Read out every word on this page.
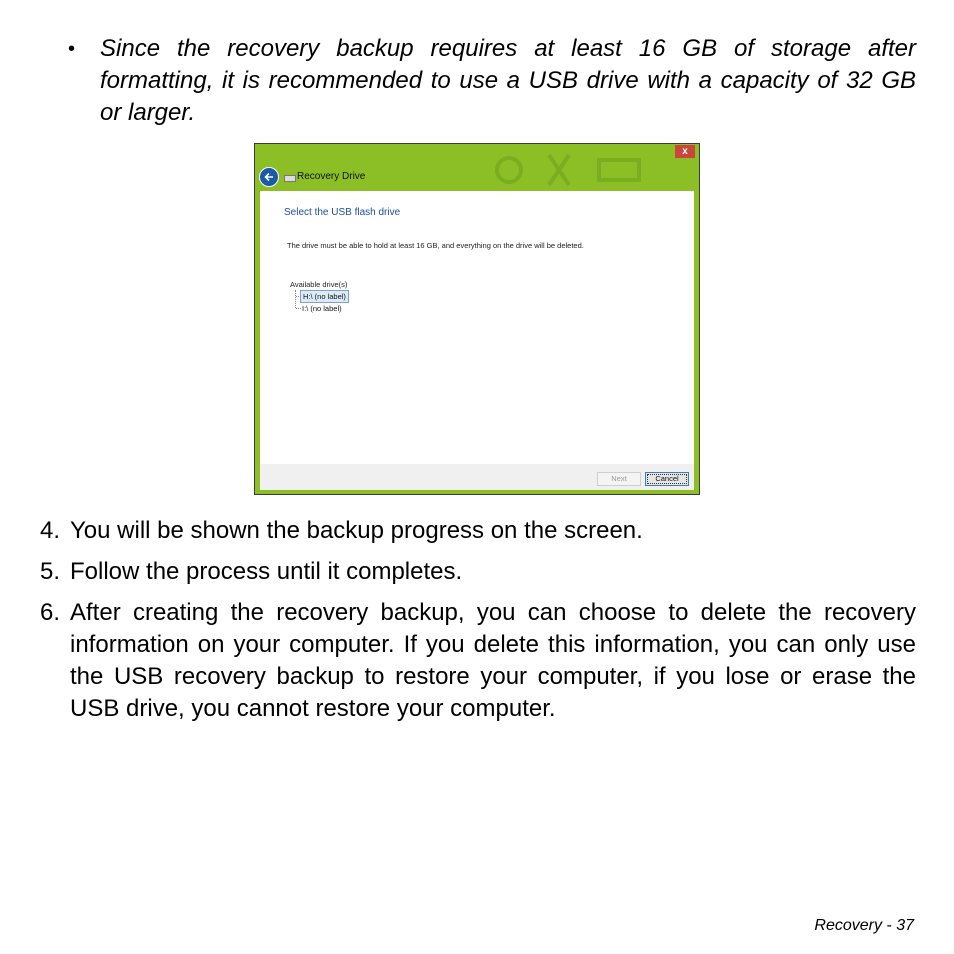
• Since the recovery backup requires at least 16 GB of storage after formatting, it is recommended to use a USB drive with a capacity of 32 GB or larger.
x
Recovery Drive
Select the USB flash drive
The drive must be able to hold at least 16 GB, and everything on the drive will be deleted.
Available drive(s)
H:\ (no label)
I:\ (no label)
Next	Cancel
4. You will be shown the backup progress on the screen.
5. Follow the process until it completes.
6. After creating the recovery backup, you can choose to delete the recovery information on your computer. If you delete this information, you can only use the USB recovery backup to restore your computer, if you lose or erase the USB drive, you cannot restore your computer.
Recovery - 37
